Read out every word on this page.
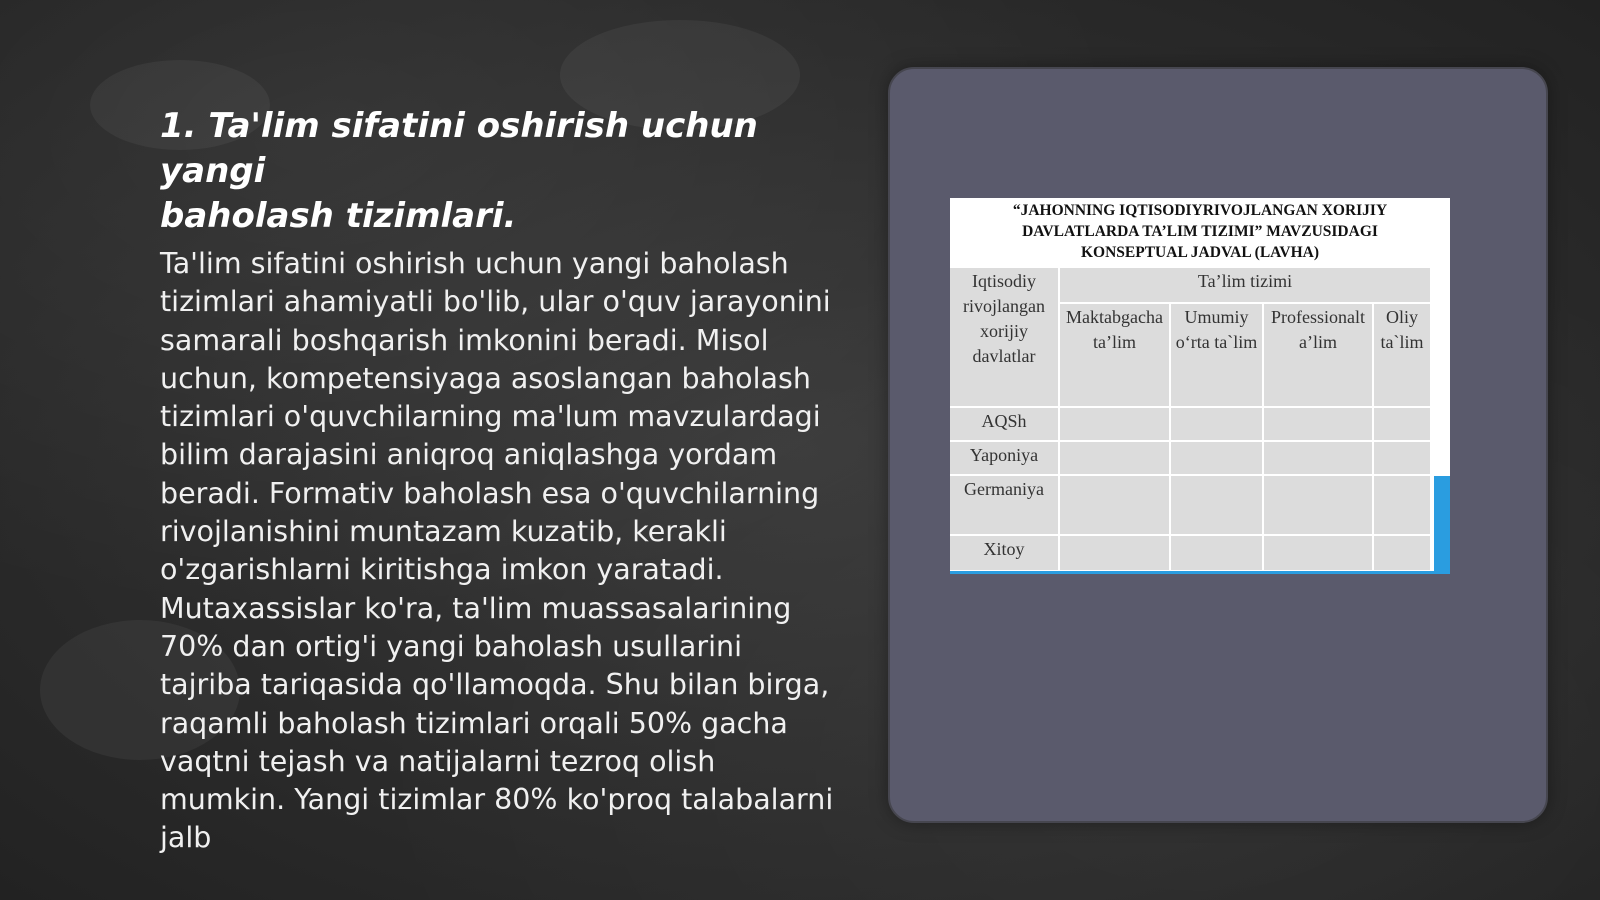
1. Ta'lim sifatini oshirish uchun yangi
baholash tizimlari.

Ta'lim sifatini oshirish uchun yangi baholash tizimlari ahamiyatli bo'lib, ular o'quv jarayonini samarali boshqarish imkonini beradi. Misol uchun, kompetensiyaga asoslangan baholash tizimlari o'quvchilarning ma'lum mavzulardagi bilim darajasini aniqroq aniqlashga yordam beradi. Formativ baholash esa o'quvchilarning rivojlanishini muntazam kuzatib, kerakli o'zgarishlarni kiritishga imkon yaratadi. Mutaxassislar ko'ra, ta'lim muassasalarining 70% dan ortig'i yangi baholash usullarini tajriba tariqasida qo'llamoqda. Shu bilan birga, raqamli baholash tizimlari orqali 50% gacha vaqtni tejash va natijalarni tezroq olish mumkin. Yangi tizimlar 80% ko'proq talabalarni jalb

“JAHONNING IQTISODIYRIVOJLANGAN XORIJIY
DAVLATLARDA TA’LIM TIZIMI” MAVZUSIDAGI
KONSEPTUAL JADVAL (LAVHA)
Iqtisodiy
rivojlangan
xorijiy
davlatlar
Ta’lim tizimi
Maktabgacha
ta’lim
Umumiy
o‘rta ta`lim
Professionalt
a’lim
Oliy
ta`lim
AQSh
Yaponiya
Germaniya
Xitoy
